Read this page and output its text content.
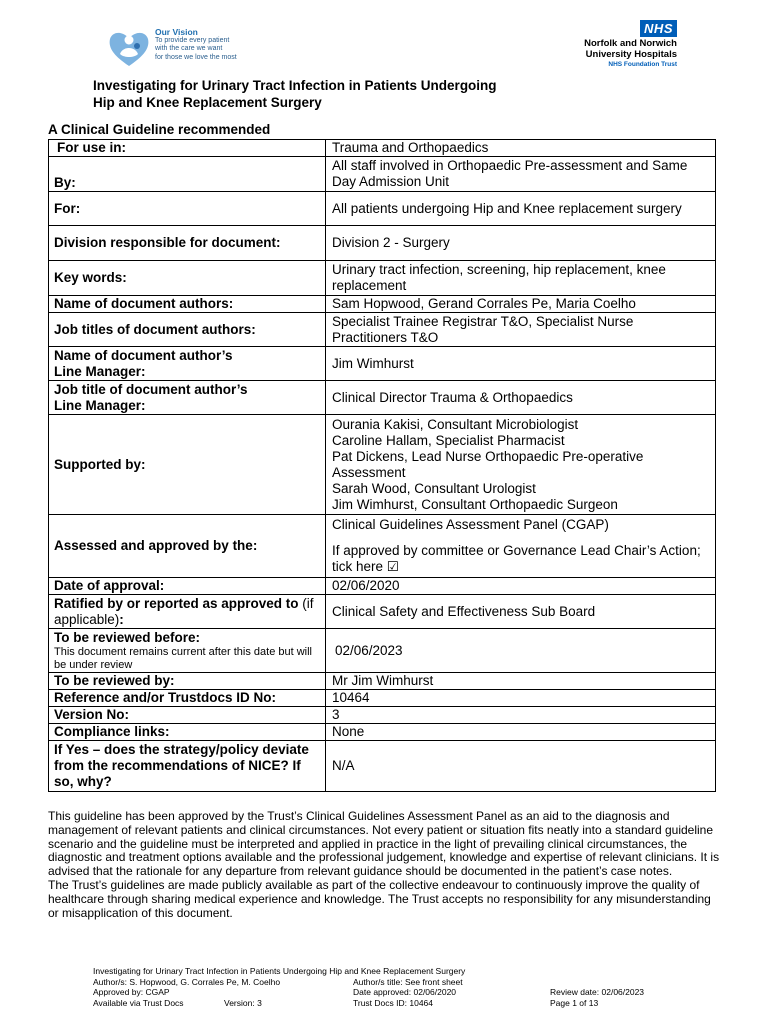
Our Vision
To provide every patient
with the care we want
for those we love the most
NHS
Norfolk and Norwich
University Hospitals
NHS Foundation Trust
Investigating for Urinary Tract Infection in Patients Undergoing
Hip and Knee Replacement Surgery
A Clinical Guideline recommended
For use in:	Trauma and Orthopaedics
By:	All staff involved in Orthopaedic Pre-assessment and Same Day Admission Unit
For:	All patients undergoing Hip and Knee replacement surgery
Division responsible for document:	Division 2 - Surgery
Key words:	Urinary tract infection, screening, hip replacement, knee replacement
Name of document authors:	Sam Hopwood, Gerand Corrales Pe, Maria Coelho
Job titles of document authors:	Specialist Trainee Registrar T&O, Specialist Nurse Practitioners T&O

Name of document author’s
Line Manager:	Jim Wimhurst

Job title of document author’s
Line Manager:	Clinical Director Trauma & Orthopaedics
Supported by:	Ourania Kakisi, Consultant Microbiologist
Caroline Hallam, Specialist Pharmacist
Pat Dickens, Lead Nurse Orthopaedic Pre-operative Assessment
Sarah Wood, Consultant Urologist
Jim Wimhurst, Consultant Orthopaedic Surgeon

Assessed and approved by the:	Clinical Guidelines Assessment Panel (CGAP)
If approved by committee or Governance Lead Chair’s Action; tick here ☑

Date of approval:	02/06/2020
Ratified by or reported as approved to (if applicable):	Clinical Safety and Effectiveness Sub Board

To be reviewed before:
This document remains current after this date but will be under review	02/06/2023
To be reviewed by:	Mr Jim Wimhurst
Reference and/or Trustdocs ID No:	10464
Version No:	3
Compliance links:	None
If Yes – does the strategy/policy deviate from the recommendations of NICE? If so, why?	N/A
This guideline has been approved by the Trust’s Clinical Guidelines Assessment Panel as an aid to the diagnosis and management of relevant patients and clinical circumstances. Not every patient or situation fits neatly into a standard guideline scenario and the guideline must be interpreted and applied in practice in the light of prevailing clinical circumstances, the diagnostic and treatment options available and the professional judgement, knowledge and expertise of relevant clinicians. It is advised that the rationale for any departure from relevant guidance should be documented in the patient’s case notes.
The Trust’s guidelines are made publicly available as part of the collective endeavour to continuously improve the quality of healthcare through sharing medical experience and knowledge. The Trust accepts no responsibility for any misunderstanding or misapplication of this document.
Investigating for Urinary Tract Infection in Patients Undergoing Hip and Knee Replacement Surgery
Author/s: S. Hopwood, G. Corrales Pe, M. Coelho	Author/s title: See front sheet
Approved by: CGAP	Date approved: 02/06/2020	Review date: 02/06/2023
Available via Trust Docs	Version: 3	Trust Docs ID: 10464	Page 1 of 13
